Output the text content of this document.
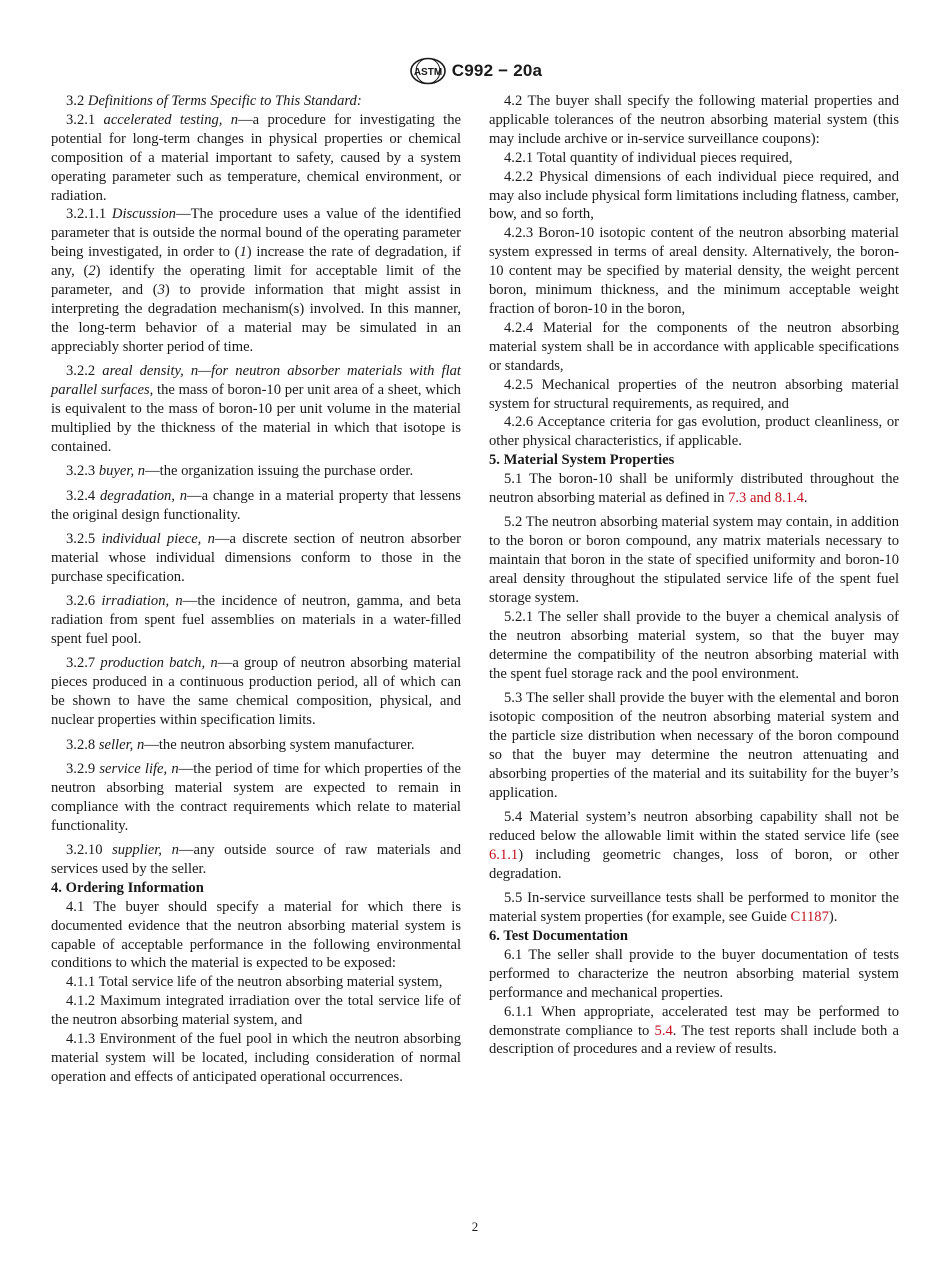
ASTM C992 − 20a

3.2 Definitions of Terms Specific to This Standard:

3.2.1 accelerated testing, n—a procedure for investigating the potential for long-term changes in physical properties or chemical composition of a material important to safety, caused by a system operating parameter such as temperature, chemical environment, or radiation.

3.2.1.1 Discussion—The procedure uses a value of the identified parameter that is outside the normal bound of the operating parameter being investigated, in order to (1) increase the rate of degradation, if any, (2) identify the operating limit for acceptable limit of the parameter, and (3) to provide information that might assist in interpreting the degradation mechanism(s) involved. In this manner, the long-term behavior of a material may be simulated in an appreciably shorter period of time.

3.2.2 areal density, n—for neutron absorber materials with flat parallel surfaces, the mass of boron-10 per unit area of a sheet, which is equivalent to the mass of boron-10 per unit volume in the material multiplied by the thickness of the material in which that isotope is contained.

3.2.3 buyer, n—the organization issuing the purchase order.

3.2.4 degradation, n—a change in a material property that lessens the original design functionality.

3.2.5 individual piece, n—a discrete section of neutron absorber material whose individual dimensions conform to those in the purchase specification.

3.2.6 irradiation, n—the incidence of neutron, gamma, and beta radiation from spent fuel assemblies on materials in a water-filled spent fuel pool.

3.2.7 production batch, n—a group of neutron absorbing material pieces produced in a continuous production period, all of which can be shown to have the same chemical composition, physical, and nuclear properties within specification limits.

3.2.8 seller, n—the neutron absorbing system manufacturer.

3.2.9 service life, n—the period of time for which properties of the neutron absorbing material system are expected to remain in compliance with the contract requirements which relate to material functionality.

3.2.10 supplier, n—any outside source of raw materials and services used by the seller.

4. Ordering Information

4.1 The buyer should specify a material for which there is documented evidence that the neutron absorbing material system is capable of acceptable performance in the following environmental conditions to which the material is expected to be exposed:

4.1.1 Total service life of the neutron absorbing material system,

4.1.2 Maximum integrated irradiation over the total service life of the neutron absorbing material system, and

4.1.3 Environment of the fuel pool in which the neutron absorbing material system will be located, including consideration of normal operation and effects of anticipated operational occurrences.

4.2 The buyer shall specify the following material properties and applicable tolerances of the neutron absorbing material system (this may include archive or in-service surveillance coupons):

4.2.1 Total quantity of individual pieces required,

4.2.2 Physical dimensions of each individual piece required, and may also include physical form limitations including flatness, camber, bow, and so forth,

4.2.3 Boron-10 isotopic content of the neutron absorbing material system expressed in terms of areal density. Alternatively, the boron-10 content may be specified by material density, the weight percent boron, minimum thickness, and the minimum acceptable weight fraction of boron-10 in the boron,

4.2.4 Material for the components of the neutron absorbing material system shall be in accordance with applicable specifications or standards,

4.2.5 Mechanical properties of the neutron absorbing material system for structural requirements, as required, and

4.2.6 Acceptance criteria for gas evolution, product cleanliness, or other physical characteristics, if applicable.

5. Material System Properties

5.1 The boron-10 shall be uniformly distributed throughout the neutron absorbing material as defined in 7.3 and 8.1.4.

5.2 The neutron absorbing material system may contain, in addition to the boron or boron compound, any matrix materials necessary to maintain that boron in the state of specified uniformity and boron-10 areal density throughout the stipulated service life of the spent fuel storage system.

5.2.1 The seller shall provide to the buyer a chemical analysis of the neutron absorbing material system, so that the buyer may determine the compatibility of the neutron absorbing material with the spent fuel storage rack and the pool environment.

5.3 The seller shall provide the buyer with the elemental and boron isotopic composition of the neutron absorbing material system and the particle size distribution when necessary of the boron compound so that the buyer may determine the neutron attenuating and absorbing properties of the material and its suitability for the buyer’s application.

5.4 Material system’s neutron absorbing capability shall not be reduced below the allowable limit within the stated service life (see 6.1.1) including geometric changes, loss of boron, or other degradation.

5.5 In-service surveillance tests shall be performed to monitor the material system properties (for example, see Guide C1187).

6. Test Documentation

6.1 The seller shall provide to the buyer documentation of tests performed to characterize the neutron absorbing material system performance and mechanical properties.

6.1.1 When appropriate, accelerated test may be performed to demonstrate compliance to 5.4. The test reports shall include both a description of procedures and a review of results.

2
